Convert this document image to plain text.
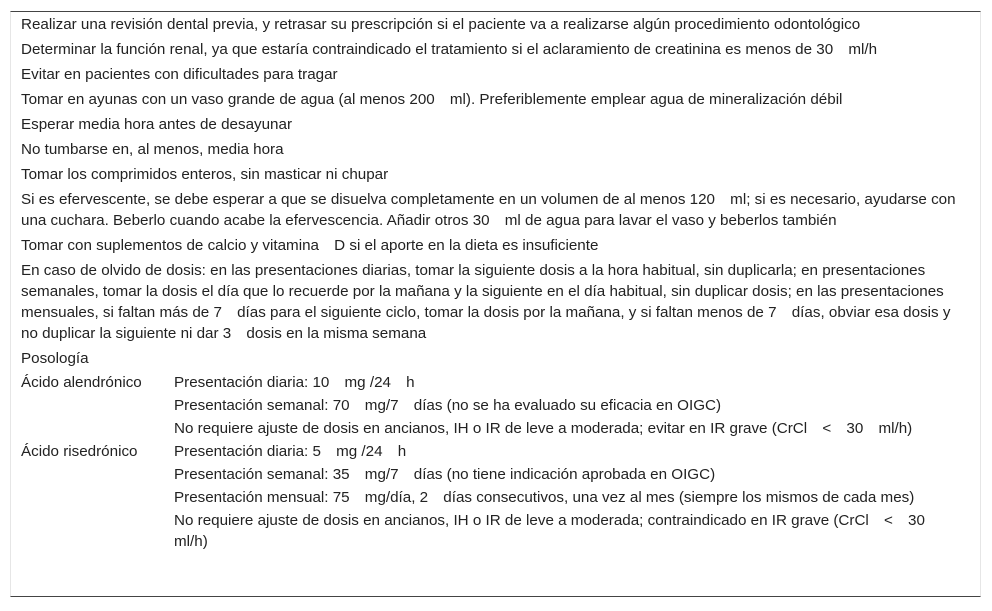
Realizar una revisión dental previa, y retrasar su prescripción si el paciente va a realizarse algún procedimiento odontológico
Determinar la función renal, ya que estaría contraindicado el tratamiento si el aclaramiento de creatinina es menos de 30 ml/h
Evitar en pacientes con dificultades para tragar
Tomar en ayunas con un vaso grande de agua (al menos 200 ml). Preferiblemente emplear agua de mineralización débil
Esperar media hora antes de desayunar
No tumbarse en, al menos, media hora
Tomar los comprimidos enteros, sin masticar ni chupar
Si es efervescente, se debe esperar a que se disuelva completamente en un volumen de al menos 120 ml; si es necesario, ayudarse con una cuchara. Beberlo cuando acabe la efervescencia. Añadir otros 30 ml de agua para lavar el vaso y beberlos también
Tomar con suplementos de calcio y vitamina D si el aporte en la dieta es insuficiente
En caso de olvido de dosis: en las presentaciones diarias, tomar la siguiente dosis a la hora habitual, sin duplicarla; en presentaciones semanales, tomar la dosis el día que lo recuerde por la mañana y la siguiente en el día habitual, sin duplicar dosis; en las presentaciones mensuales, si faltan más de 7 días para el siguiente ciclo, tomar la dosis por la mañana, y si faltan menos de 7 días, obviar esa dosis y no duplicar la siguiente ni dar 3 dosis en la misma semana
Posología
Ácido alendrónico	Presentación diaria: 10 mg /24 h
Presentación semanal: 70 mg/7 días (no se ha evaluado su eficacia en OIGC)
No requiere ajuste de dosis en ancianos, IH o IR de leve a moderada; evitar en IR grave (CrCl < 30 ml/h)
Ácido risedrónico	Presentación diaria: 5 mg /24 h
Presentación semanal: 35 mg/7 días (no tiene indicación aprobada en OIGC)
Presentación mensual: 75 mg/día, 2 días consecutivos, una vez al mes (siempre los mismos de cada mes)
No requiere ajuste de dosis en ancianos, IH o IR de leve a moderada; contraindicado en IR grave (CrCl < 30 ml/h)
